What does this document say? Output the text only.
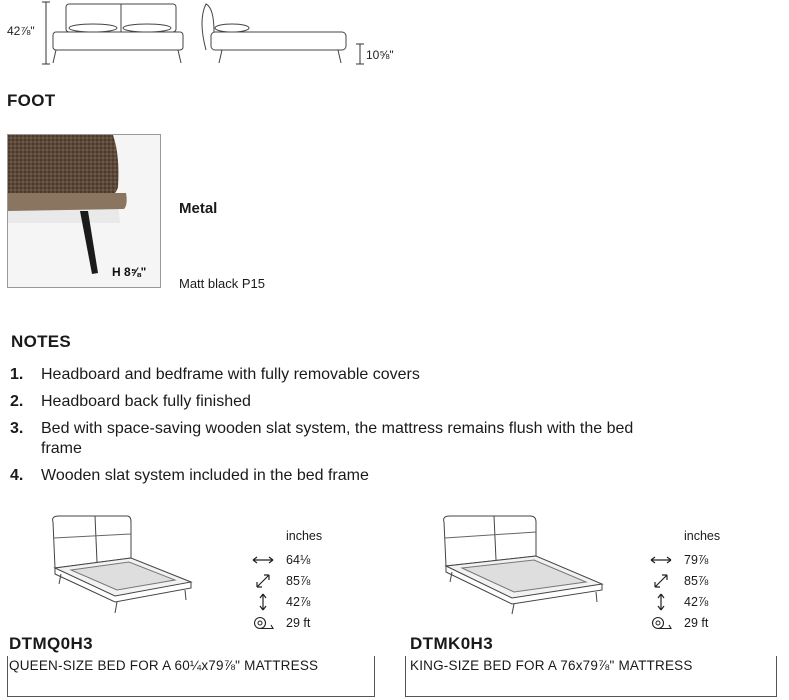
42⅞"
10⅝"
FOOT
H 8⅝"
Metal
Matt black P15
NOTES
1.	Headboard and bedframe with fully removable covers
2.	Headboard back fully finished
3.	Bed with space-saving wooden slat system, the mattress remains flush with the bed frame
4.	Wooden slat system included in the bed frame
inches
64⅛
85⅞
42⅞
29 ft
DTMQ0H3
QUEEN-SIZE BED FOR A 60¼x79⅞" MATTRESS
inches
79⅞
85⅞
42⅞
29 ft
DTMK0H3
KING-SIZE BED FOR A 76x79⅞" MATTRESS
